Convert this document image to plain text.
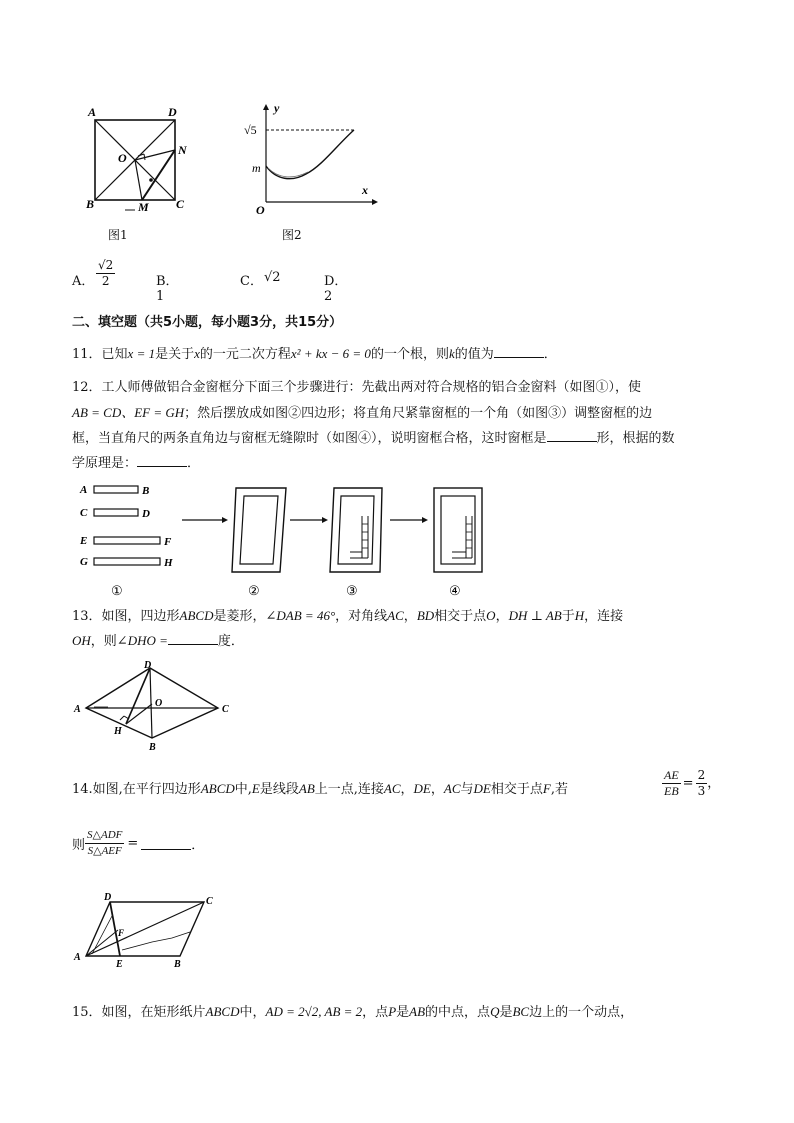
A	D
O
N
B	M C
图1
y
√5
m
O
x
图2
A． $\frac{√2}{2}$	B．1
C． √2	D．2
二、填空题（共5小题，每小题3分，共15分）
11．已知x = 1是关于x的一元二次方程x² + kx − 6 = 0的一个根，则k的值为	．
12．工人师傅做铝合金窗框分下面三个步骤进行：先截出两对符合规格的铝合金窗料（如图①），使
AB = CD、EF = GH；然后摆放成如图②四边形；将直角尺紧靠窗框的一个角（如图③）调整窗框的边
框，当直角尺的两条直角边与窗框无缝隙时（如图④），说明窗框合格，这时窗框是	形，根据的数
学原理是：	．
A	B
C	D
E	F
G	H
①	②	③	④
13．如图，四边形ABCD是菱形，∠DAB = 46°，对角线AC，BD相交于点O，DH ⊥ AB于H，连接
OH，则∠DHO =	度．
D
A	C
H
B
O
14.如图,在平行四边形ABCD中,E是线段AB上一点,连接AC，DE，AC与DE相交于点F,若	$\frac{AE}{EB} = \frac{2}{3}$ ，
则 $\frac{\text{S△ADF}}{\text{S△AEF}}$ =	．
D	C
F
A
E	B
15．如图，在矩形纸片ABCD中，AD = 2√2, AB = 2，点P是AB的中点，点Q是BC边上的一个动点，
